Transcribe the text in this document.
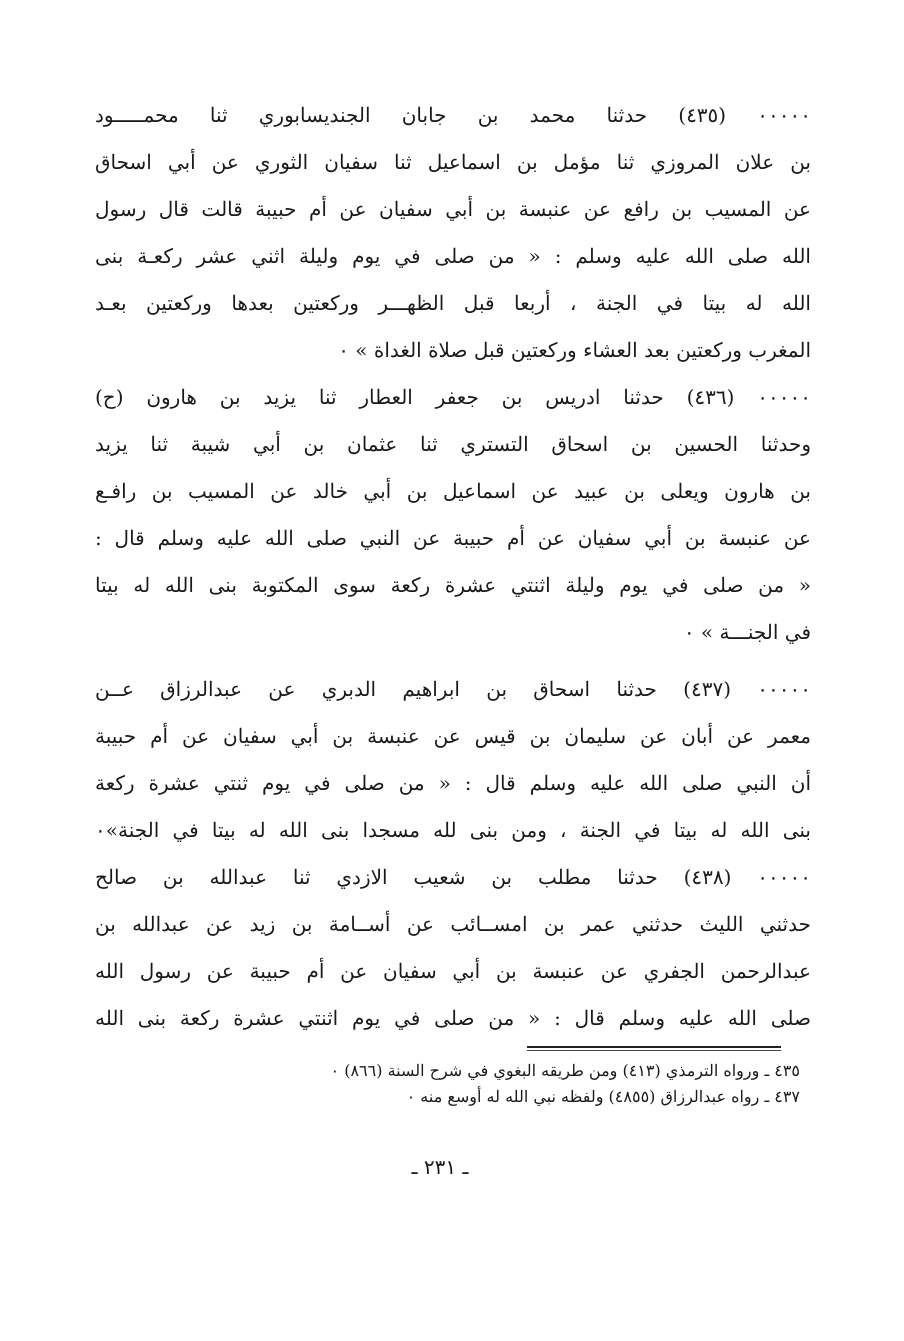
٠٠٠٠٠ (٤٣٥) حدثنا محمد بن جابان الجنديسابوري ثنا محمـــــود
بن علان المروزي ثنا مؤمل بن اسماعيل ثنا سفيان الثوري عن أبي اسحاق
عن المسيب بن رافع عن عنبسة بن أبي سفيان عن أم حبيبة قالت قال رسول
الله صلى الله عليه وسلم : « من صلى في يوم وليلة اثني عشر ركعـة بنى
الله له بيتا في الجنة ، أربعا قبل الظهـــر وركعتين بعدها وركعتين بعـد
المغرب وركعتين بعد العشاء وركعتين قبل صلاة الغداة » ٠
٠٠٠٠٠ (٤٣٦) حدثنا ادريس بن جعفر العطار ثنا يزيد بن هارون (ح)
وحدثنا الحسين بن اسحاق التستري ثنا عثمان بن أبي شيبة ثنا يزيد
بن هارون ويعلى بن عبيد عن اسماعيل بن أبي خالد عن المسيب بن رافـع
عن عنبسة بن أبي سفيان عن أم حبيبة عن النبي صلى الله عليه وسلم قال :
« من صلى في يوم وليلة اثنتي عشرة ركعة سوى المكتوبة بنى الله له بيتا
في الجنـــة » ٠
٠٠٠٠٠ (٤٣٧) حدثنا اسحاق بن ابراهيم الدبري عن عبدالرزاق عــن
معمر عن أبان عن سليمان بن قيس عن عنبسة بن أبي سفيان عن أم حبيبة
أن النبي صلى الله عليه وسلم قال : « من صلى في يوم ثنتي عشرة ركعة
بنى الله له بيتا في الجنة ، ومن بنى لله مسجدا بنى الله له بيتا في الجنة»٠
٠٠٠٠٠ (٤٣٨) حدثنا مطلب بن شعيب الازدي ثنا عبدالله بن صالح
حدثني الليث حدثني عمر بن امســائب عن أســامة بن زيد عن عبدالله بن
عبدالرحمن الجفري عن عنبسة بن أبي سفيان عن أم حبيبة عن رسول الله
صلى الله عليه وسلم قال : « من صلى في يوم اثنتي عشرة ركعة بنى الله
٤٣٥ ـ ورواه الترمذي (٤١٣) ومن طريقه البغوي في شرح السنة (٨٦٦) ٠
٤٣٧ ـ رواه عبدالرزاق (٤٨٥٥) ولفظه نبي الله له أوسع منه ٠
ـ ٢٣١ ـ
